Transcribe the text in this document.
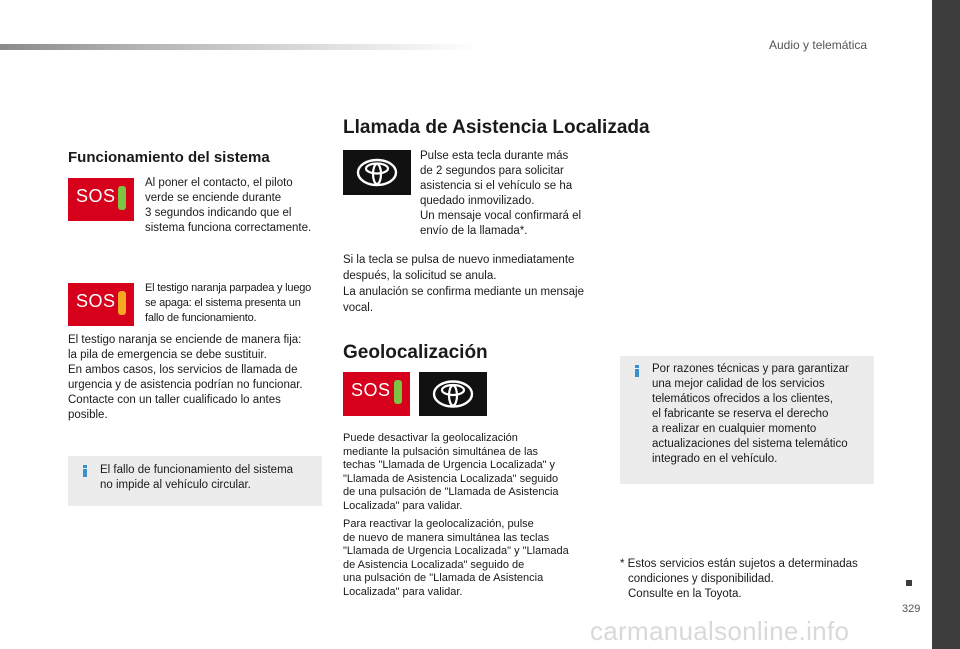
Audio y telemática
329
Funcionamiento del sistema
SOS
Al poner el contacto, el piloto
verde se enciende durante
3 segundos indicando que el
sistema funciona correctamente.
SOS
El testigo naranja parpadea y luego
se apaga: el sistema presenta un
fallo de funcionamiento.
El testigo naranja se enciende de manera fija:
la pila de emergencia se debe sustituir.
En ambos casos, los servicios de llamada de
urgencia y de asistencia podrían no funcionar.
Contacte con un taller cualificado lo antes
posible.
El fallo de funcionamiento del sistema
no impide al vehículo circular.
Llamada de Asistencia Localizada
Pulse esta tecla durante más
de 2 segundos para solicitar
asistencia si el vehículo se ha
quedado inmovilizado.
Un mensaje vocal confirmará el
envío de la llamada*.
Si la tecla se pulsa de nuevo inmediatamente
después, la solicitud se anula.
La anulación se confirma mediante un mensaje
vocal.
Geolocalización
SOS
Puede desactivar la geolocalización
mediante la pulsación simultánea de las
techas "Llamada de Urgencia Localizada" y
"Llamada de Asistencia Localizada" seguido
de una pulsación de "Llamada de Asistencia
Localizada" para validar.
Para reactivar la geolocalización, pulse
de nuevo de manera simultánea las teclas
"Llamada de Urgencia Localizada" y "Llamada
de Asistencia Localizada" seguido de
una pulsación de "Llamada de Asistencia
Localizada" para validar.
Por razones técnicas y para garantizar
una mejor calidad de los servicios
telemáticos ofrecidos a los clientes,
el fabricante se reserva el derecho
a realizar en cualquier momento
actualizaciones del sistema telemático
integrado en el vehículo.
* Estos servicios están sujetos a determinadas
condiciones y disponibilidad.
Consulte en la Toyota.
carmanualsonline.info
